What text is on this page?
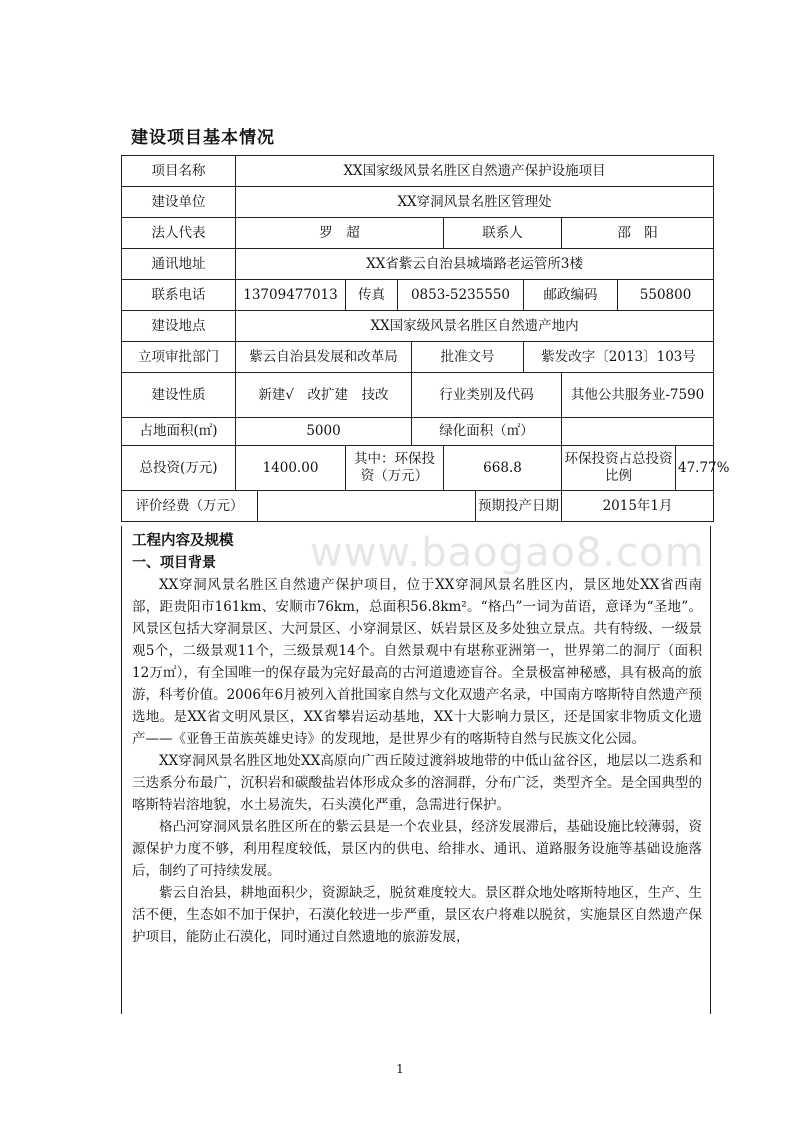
建设项目基本情况
项目名称	XX国家级风景名胜区自然遗产保护设施项目										
建设单位	XX穿洞风景名胜区管理处										
法人代表	罗　超					联系人			邵　阳		
通讯地址	XX省紫云自治县城墙路老运管所3楼										
联系电话	13709477013		传真	0853-5235550				邮政编码		550800	
建设地点	XX国家级风景名胜区自然遗产地内										
立项审批部门	紫云自治县发展和改革局				批准文号			紫发改字〔2013〕103号			
建设性质	新建√　改扩建　技改				行业类别及代码				其他公共服务业-7590		
占地面积(㎡)	5000				绿化面积（㎡）						
总投资(万元)	1400.00		其中：环保投资（万元）			668.8			环保投资占总投资比例		47.77%
评价经费（万元）							预期投产日期		2015年1月		
www.baogao8.com
工程内容及规模
一、项目背景

XX穿洞风景名胜区自然遗产保护项目，位于XX穿洞风景名胜区内，景区地处XX省西南部，距贵阳市161km、安顺市76km，总面积56.8km²。“格凸”一词为苗语，意译为“圣地”。风景区包括大穿洞景区、大河景区、小穿洞景区、妖岩景区及多处独立景点。共有特级、一级景观5个，二级景观11个，三级景观14个。自然景观中有堪称亚洲第一，世界第二的洞厅（面积12万㎡），有全国唯一的保存最为完好最高的古河道遗迹盲谷。全景极富神秘感，具有极高的旅游，科考价值。2006年6月被列入首批国家自然与文化双遗产名录，中国南方喀斯特自然遗产预选地。是XX省文明风景区，XX省攀岩运动基地，XX十大影响力景区，还是国家非物质文化遗产——《亚鲁王苗族英雄史诗》的发现地，是世界少有的喀斯特自然与民族文化公园。

XX穿洞风景名胜区地处XX高原向广西丘陵过渡斜坡地带的中低山盆谷区，地层以二迭系和三迭系分布最广，沉积岩和碳酸盐岩体形成众多的溶洞群，分布广泛，类型齐全。是全国典型的喀斯特岩溶地貌，水土易流失，石头漠化严重，急需进行保护。

格凸河穿洞风景名胜区所在的紫云县是一个农业县，经济发展滞后，基础设施比较薄弱，资源保护力度不够，利用程度较低，景区内的供电、给排水、通讯、道路服务设施等基础设施落后，制约了可持续发展。

紫云自治县，耕地面积少，资源缺乏，脱贫难度较大。景区群众地处喀斯特地区，生产、生活不便，生态如不加于保护，石漠化较进一步严重，景区农户将难以脱贫，实施景区自然遗产保护项目，能防止石漠化，同时通过自然遗地的旅游发展，

1
